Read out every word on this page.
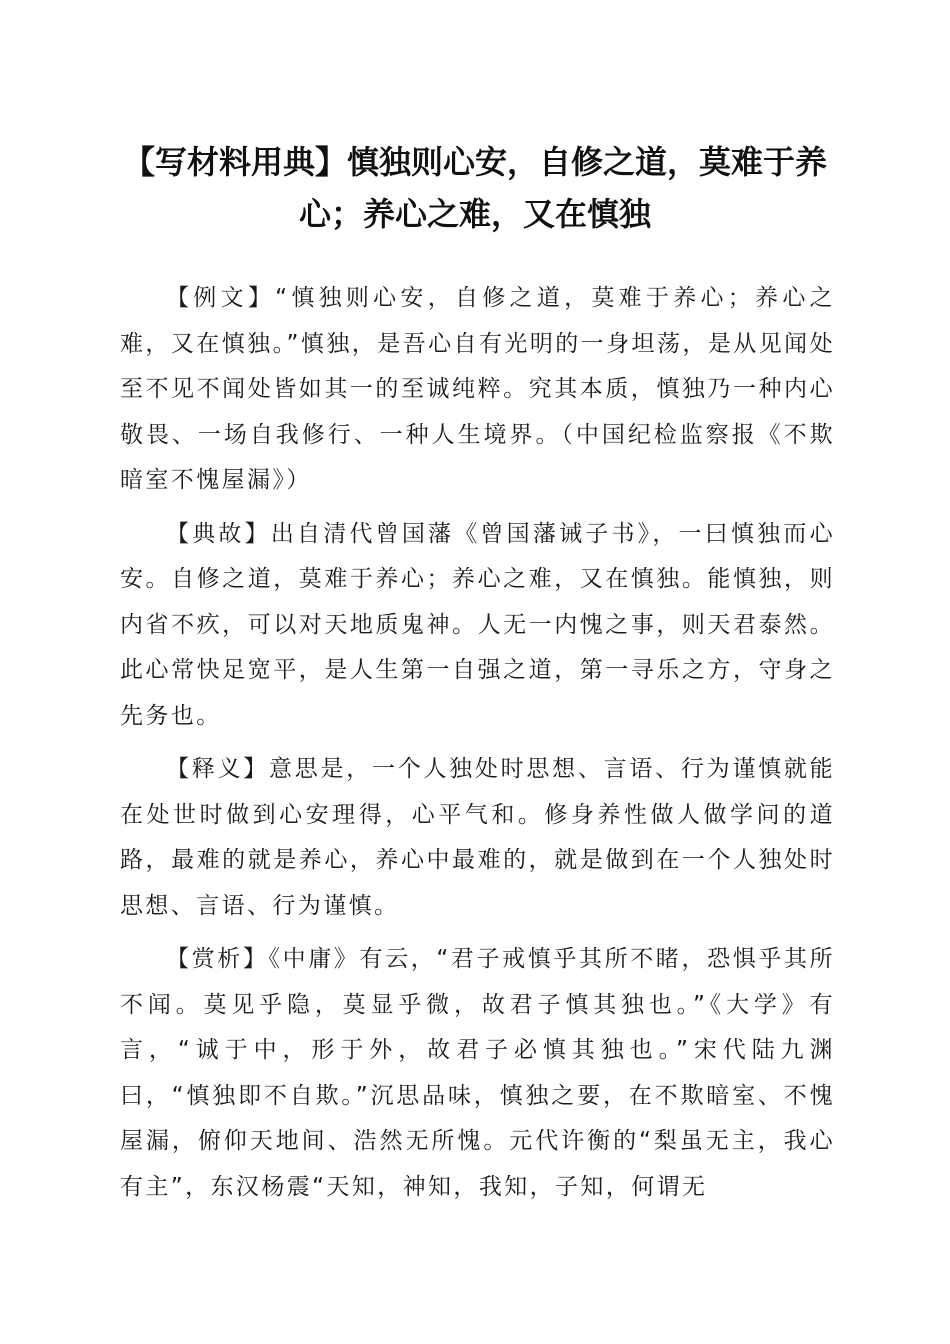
【写材料用典】慎独则心安，自修之道，莫难于养心；养心之难，又在慎独

【例文】“慎独则心安，自修之道，莫难于养心；养心之难，又在慎独。”慎独，是吾心自有光明的一身坦荡，是从见闻处至不见不闻处皆如其一的至诚纯粹。究其本质，慎独乃一种内心敬畏、一场自我修行、一种人生境界。（中国纪检监察报《不欺暗室不愧屋漏》）

【典故】出自清代曾国藩《曾国藩诫子书》，一曰慎独而心安。自修之道，莫难于养心；养心之难，又在慎独。能慎独，则内省不疚，可以对天地质鬼神。人无一内愧之事，则天君泰然。此心常快足宽平，是人生第一自强之道，第一寻乐之方，守身之先务也。

【释义】意思是，一个人独处时思想、言语、行为谨慎就能在处世时做到心安理得，心平气和。修身养性做人做学问的道路，最难的就是养心，养心中最难的，就是做到在一个人独处时思想、言语、行为谨慎。

【赏析】《中庸》有云，“君子戒慎乎其所不睹，恐惧乎其所不闻。莫见乎隐，莫显乎微，故君子慎其独也。”《大学》有言，“诚于中，形于外，故君子必慎其独也。”宋代陆九渊曰，“慎独即不自欺。”沉思品味，慎独之要，在不欺暗室、不愧屋漏，俯仰天地间、浩然无所愧。元代许衡的“梨虽无主，我心有主”，东汉杨震“天知，神知，我知，子知，何谓无
